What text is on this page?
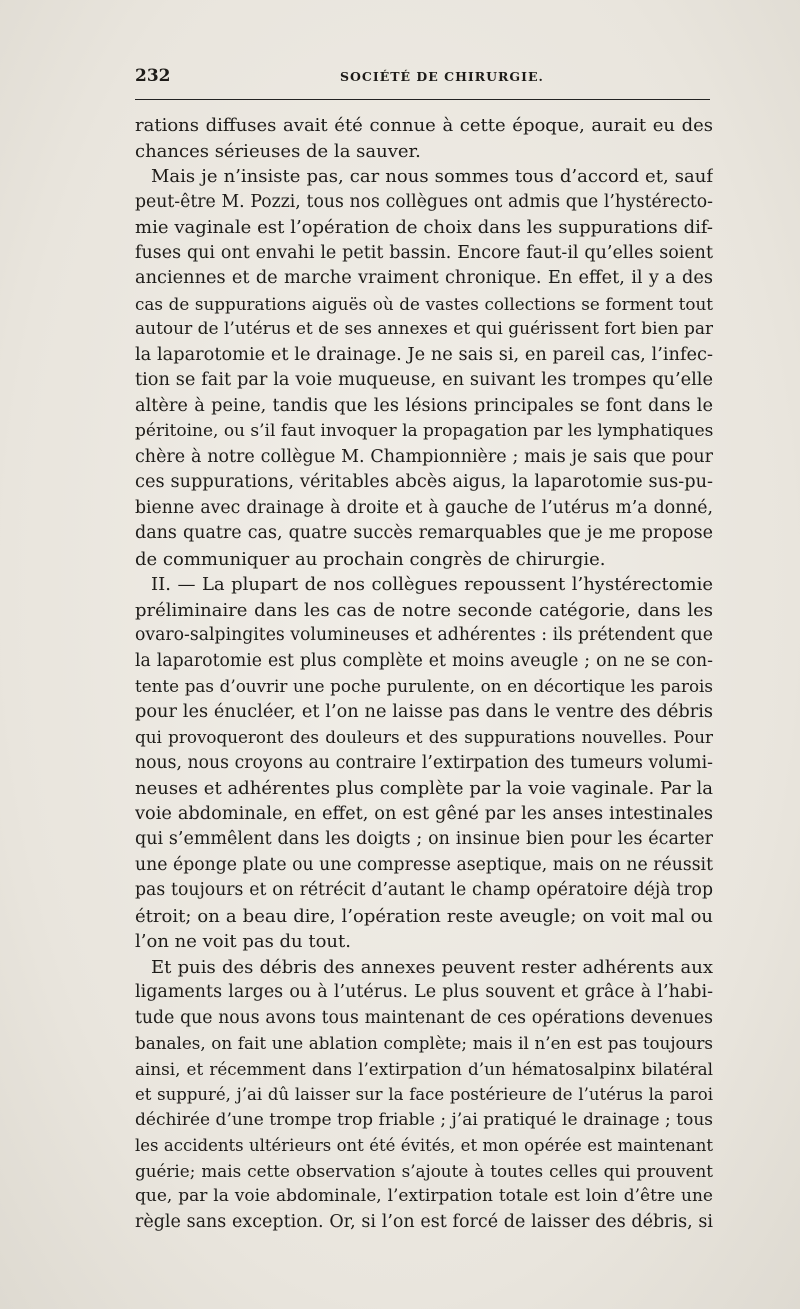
232	SOCIÉTÉ DE CHIRURGIE.
rations diffuses avait été connue à cette époque, aurait eu des
chances sérieuses de la sauver.
Mais je n’insiste pas, car nous sommes tous d’accord et, sauf
peut-être M. Pozzi, tous nos collègues ont admis que l’hystérecto-
mie vaginale est l’opération de choix dans les suppurations dif-
fuses qui ont envahi le petit bassin. Encore faut-il qu’elles soient
anciennes et de marche vraiment chronique. En effet, il y a des
cas de suppurations aiguës où de vastes collections se forment tout
autour de l’utérus et de ses annexes et qui guérissent fort bien par
la laparotomie et le drainage. Je ne sais si, en pareil cas, l’infec-
tion se fait par la voie muqueuse, en suivant les trompes qu’elle
altère à peine, tandis que les lésions principales se font dans le
péritoine, ou s’il faut invoquer la propagation par les lymphatiques
chère à notre collègue M. Championnière ; mais je sais que pour
ces suppurations, véritables abcès aigus, la laparotomie sus-pu-
bienne avec drainage à droite et à gauche de l’utérus m’a donné,
dans quatre cas, quatre succès remarquables que je me propose
de communiquer au prochain congrès de chirurgie.
II. — La plupart de nos collègues repoussent l’hystérectomie
préliminaire dans les cas de notre seconde catégorie, dans les
ovaro-salpingites volumineuses et adhérentes : ils prétendent que
la laparotomie est plus complète et moins aveugle ; on ne se con-
tente pas d’ouvrir une poche purulente, on en décortique les parois
pour les énucléer, et l’on ne laisse pas dans le ventre des débris
qui provoqueront des douleurs et des suppurations nouvelles. Pour
nous, nous croyons au contraire l’extirpation des tumeurs volumi-
neuses et adhérentes plus complète par la voie vaginale. Par la
voie abdominale, en effet, on est gêné par les anses intestinales
qui s’emmêlent dans les doigts ; on insinue bien pour les écarter
une éponge plate ou une compresse aseptique, mais on ne réussit
pas toujours et on rétrécit d’autant le champ opératoire déjà trop
étroit; on a beau dire, l’opération reste aveugle; on voit mal ou
l’on ne voit pas du tout.
Et puis des débris des annexes peuvent rester adhérents aux
ligaments larges ou à l’utérus. Le plus souvent et grâce à l’habi-
tude que nous avons tous maintenant de ces opérations devenues
banales, on fait une ablation complète; mais il n’en est pas toujours
ainsi, et récemment dans l’extirpation d’un hématosalpinx bilatéral
et suppuré, j’ai dû laisser sur la face postérieure de l’utérus la paroi
déchirée d’une trompe trop friable ; j’ai pratiqué le drainage ; tous
les accidents ultérieurs ont été évités, et mon opérée est maintenant
guérie; mais cette observation s’ajoute à toutes celles qui prouvent
que, par la voie abdominale, l’extirpation totale est loin d’être une
règle sans exception. Or, si l’on est forcé de laisser des débris, si
